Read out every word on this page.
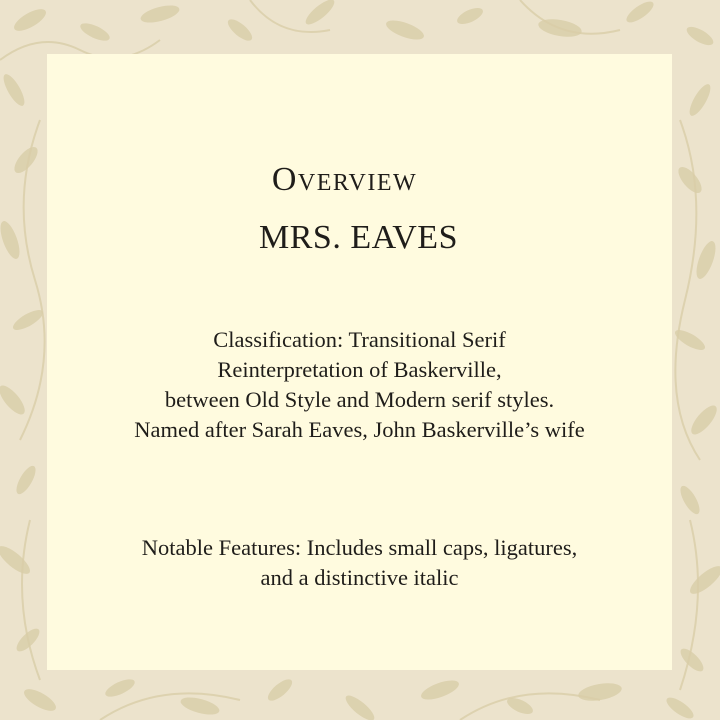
Overview
MRS. EAVES

Classification: Transitional Serif
Reinterpretation of Baskerville,
between Old Style and Modern serif styles.
Named after Sarah Eaves, John Baskerville’s wife

Notable Features: Includes small caps, ligatures,
and a distinctive italic
